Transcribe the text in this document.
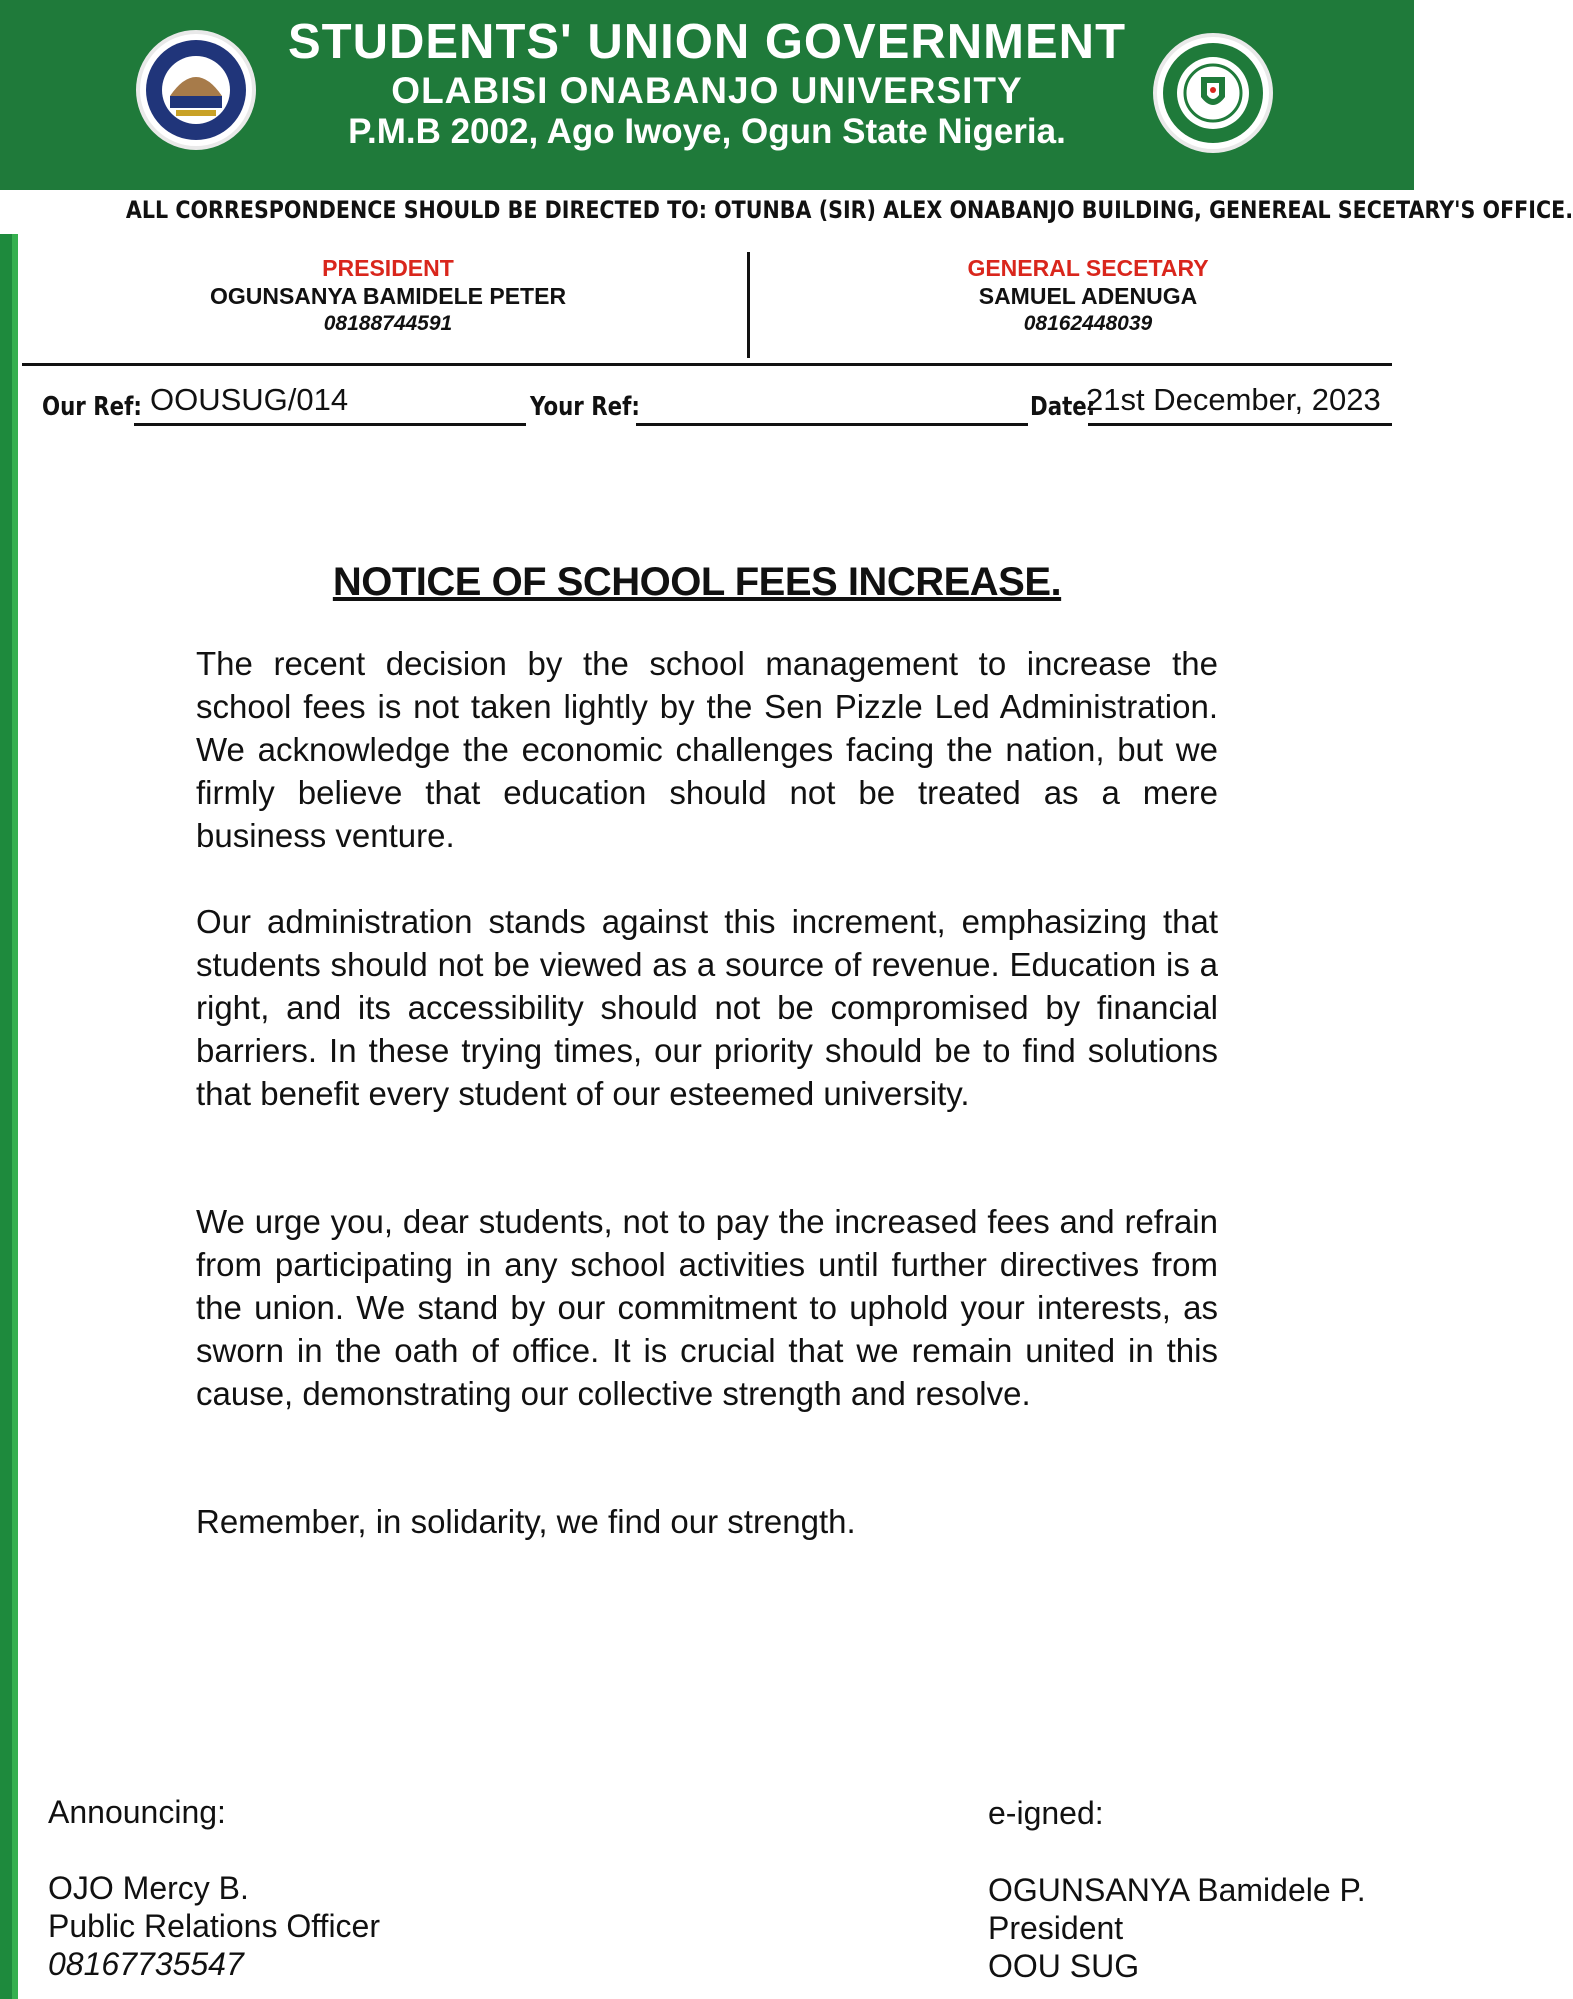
STUDENTS' UNION GOVERNMENT
OLABISI ONABANJO UNIVERSITY
P.M.B 2002, Ago Iwoye, Ogun State Nigeria.
ALL CORRESPONDENCE SHOULD BE DIRECTED TO: OTUNBA (SIR) ALEX ONABANJO BUILDING, GENEREAL SECETARY'S OFFICE.
PRESIDENT
OGUNSANYA BAMIDELE PETER
08188744591
GENERAL SECETARY
SAMUEL ADENUGA
08162448039
Our Ref: OOUSUG/014	Your Ref:	Date:
21st December, 2023
NOTICE OF SCHOOL FEES INCREASE.

The recent decision by the school management to increase the school fees is not taken lightly by the Sen Pizzle Led Administration. We acknowledge the economic challenges facing the nation, but we firmly believe that education should not be treated as a mere business venture.

Our administration stands against this increment, emphasizing that students should not be viewed as a source of revenue. Education is a right, and its accessibility should not be compromised by financial barriers. In these trying times, our priority should be to find solutions that benefit every student of our esteemed university.

We urge you, dear students, not to pay the increased fees and refrain from participating in any school activities until further directives from the union. We stand by our commitment to uphold your interests, as sworn in the oath of office. It is crucial that we remain united in this cause, demonstrating our collective strength and resolve.

Remember, in solidarity, we find our strength.

Announcing:	e-igned:
OJO Mercy B.
Public Relations Officer
08167735547
OGUNSANYA Bamidele P.
President
OOU SUG
